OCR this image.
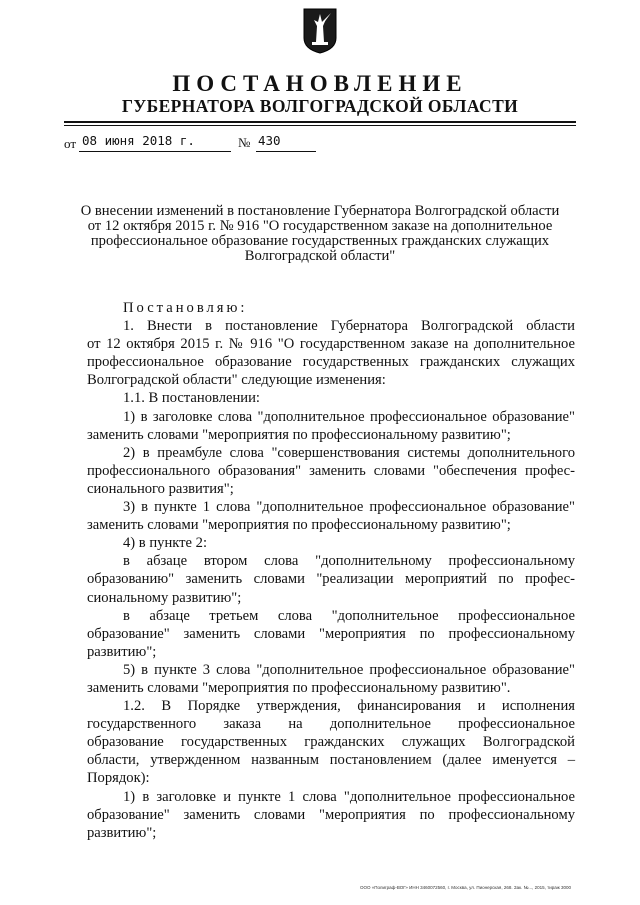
ПОСТАНОВЛЕНИЕ
ГУБЕРНАТОРА ВОЛГОГРАДСКОЙ ОБЛАСТИ
от 08 июня 2018 г.	№ 430
О внесении изменений в постановление Губернатора Волгоградской области
от 12 октября 2015 г. № 916 "О государственном заказе на дополнительное
профессиональное образование государственных гражданских служащих
Волгоградской области"
Постановляю:
1. Внести в постановление Губернатора Волгоградской области
от 12 октября 2015 г. № 916 "О государственном заказе на дополнительное
профессиональное образование государственных гражданских служащих
Волгоградской области" следующие изменения:
1.1. В постановлении:
1) в заголовке слова "дополнительное профессиональное образование"
заменить словами "мероприятия по профессиональному развитию";
2) в преамбуле слова "совершенствования системы дополнительного
профессионального образования" заменить словами "обеспечения профес-
сионального развития";
3) в пункте 1 слова "дополнительное профессиональное образование"
заменить словами "мероприятия по профессиональному развитию";
4) в пункте 2:
в абзаце втором слова "дополнительному профессиональному
образованию" заменить словами "реализации мероприятий по профес-
сиональному развитию";
в абзаце третьем слова "дополнительное профессиональное
образование" заменить словами "мероприятия по профессиональному
развитию";
5) в пункте 3 слова "дополнительное профессиональное образование"
заменить словами "мероприятия по профессиональному развитию".
1.2. В Порядке утверждения, финансирования и исполнения
государственного заказа на дополнительное профессиональное
образование государственных гражданских служащих Волгоградской
области, утвержденном названным постановлением (далее именуется –
Порядок):
1) в заголовке и пункте 1 слова "дополнительное профессиональное
образование" заменить словами "мероприятия по профессиональному
развитию";
ООО «Полиграф-ВОГ» ИНН 3460072560, г. Москва, ул. Пионерская, 268. Зак. №..., 2015, тираж 3000
